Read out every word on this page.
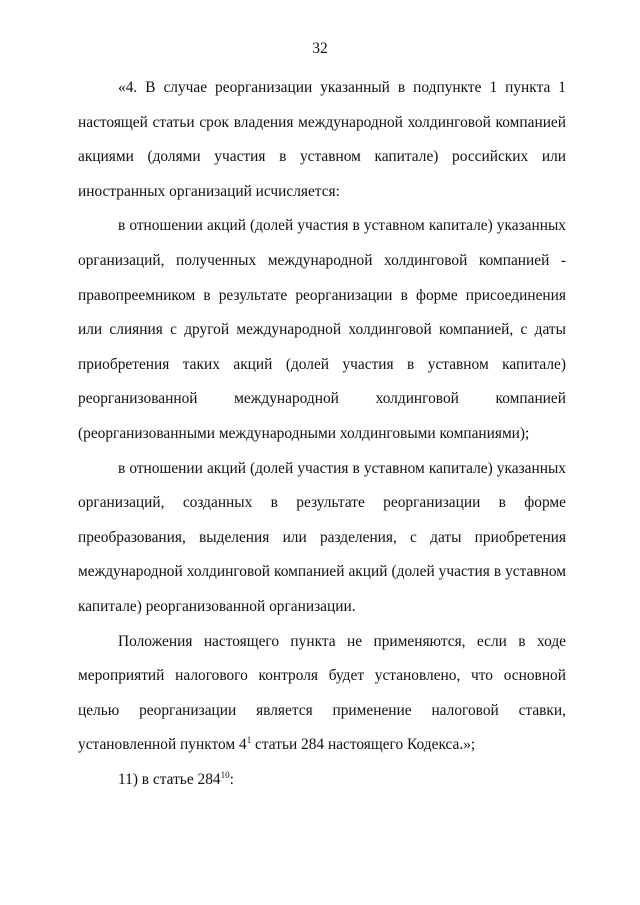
32

«4. В случае реорганизации указанный в подпункте 1 пункта 1 настоящей статьи срок владения международной холдинговой компанией акциями (долями участия в уставном капитале) российских или иностранных организаций исчисляется:

в отношении акций (долей участия в уставном капитале) указанных организаций, полученных международной холдинговой компанией - правопреемником в результате реорганизации в форме присоединения или слияния с другой международной холдинговой компанией, с даты приобретения таких акций (долей участия в уставном капитале) реорганизованной международной холдинговой компанией (реорганизованными международными холдинговыми компаниями);

в отношении акций (долей участия в уставном капитале) указанных организаций, созданных в результате реорганизации в форме преобразования, выделения или разделения, с даты приобретения международной холдинговой компанией акций (долей участия в уставном капитале) реорганизованной организации.

Положения настоящего пункта не применяются, если в ходе мероприятий налогового контроля будет установлено, что основной целью реорганизации является применение налоговой ставки, установленной пунктом $4^1$ статьи 284 настоящего Кодекса.»;

11) в статье $284^{10}$:
